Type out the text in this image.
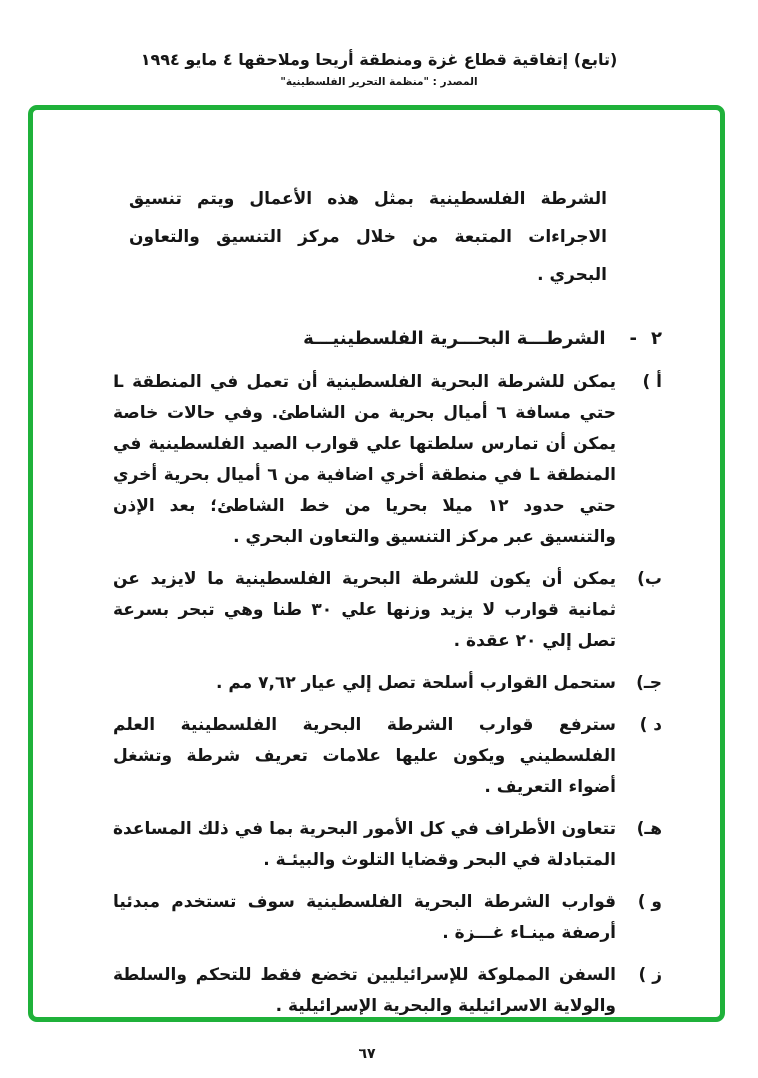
(تابع) إتفاقية قطاع غزة ومنطقة أريحا وملاحقها ٤ مايو ١٩٩٤
المصدر : "منظمة التحرير الفلسطينية"

الشرطة الفلسطينية بمثل هذه الأعمال ويتم تنسيق الاجراءات المتبعة من خلال مركز التنسيق والتعاون البحري .

٢
-
الشرطـــة البحـــرية الفلسطينيـــة
أ )
يمكن للشرطة البحرية الفلسطينية أن تعمل في المنطقة L حتي مسافة ٦ أميال بحرية من الشاطئ. وفي حالات خاصة يمكن أن تمارس سلطتها علي قوارب الصيد الفلسطينية في المنطقة L في منطقة أخري اضافية من ٦ أميال بحرية أخري حتي حدود ١٢ ميلا بحريا من خط الشاطئ؛ بعد الإذن والتنسيق عبر مركز التنسيق والتعاون البحري .
ب)
يمكن أن يكون للشرطة البحرية الفلسطينية ما لايزيد عن ثمانية قوارب لا يزيد وزنها علي ٣٠ طنا وهي تبحر بسرعة تصل إلي ٢٠ عقدة .
جـ)
ستحمل القوارب أسلحة تصل إلي عيار ٧,٦٢ مم .
د )
سترفع قوارب الشرطة البحرية الفلسطينية العلم الفلسطيني ويكون عليها علامات تعريف شرطة وتشغل أضواء التعريف .
هـ)
تتعاون الأطراف في كل الأمور البحرية بما في ذلك المساعدة المتبادلة في البحر وقضايا التلوث والبيئـة .
و )
قوارب الشرطة البحرية الفلسطينية سوف تستخدم مبدئيا أرصفة مينـاء غـــزة .
ز )
السفن المملوكة للإسرائيليين تخضع فقط للتحكم والسلطة والولاية الاسرائيلية والبحرية الإسرائيلية .
٦٧
